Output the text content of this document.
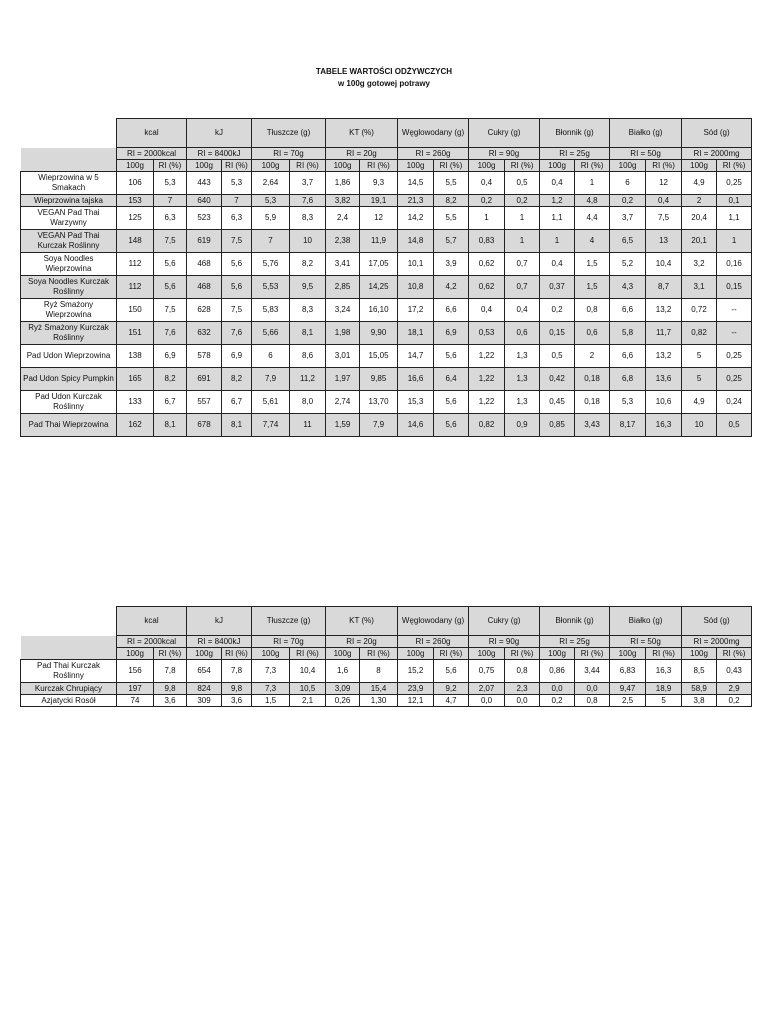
TABELE WARTOŚCI ODŻYWCZYCH
w 100g gotowej potrawy
	kcal		kJ		Tłuszcze (g)		KT (%)		Węglowodany (g)		Cukry (g)		Błonnik (g)		Białko (g)		Sód (g)	
	RI = 2000kcal		RI = 8400kJ		RI = 70g		RI = 20g		RI = 260g		RI = 90g		RI = 25g		RI = 50g		RI = 2000mg	
	100g	RI (%)	100g	RI (%)	100g	RI (%)	100g	RI (%)	100g	RI (%)	100g	RI (%)	100g	RI (%)	100g	RI (%)	100g	RI (%)
Wieprzowina w 5 Smakach	106	5,3	443	5,3	2,64	3,7	1,86	9,3	14,5	5,5	0,4	0,5	0,4	1	6	12	4,9	0,25
Wieprzowina tajska	153	7	640	7	5,3	7,6	3,82	19,1	21,3	8,2	0,2	0,2	1,2	4,8	0,2	0,4	2	0,1
VEGAN Pad Thai Warzywny	125	6,3	523	6,3	5,9	8,3	2,4	12	14,2	5,5	1	1	1,1	4,4	3,7	7,5	20,4	1,1
VEGAN Pad Thai Kurczak Roślinny	148	7,5	619	7,5	7	10	2,38	11,9	14,8	5,7	0,83	1	1	4	6,5	13	20,1	1
Soya Noodles Wieprzowina	112	5,6	468	5,6	5,76	8,2	3,41	17,05	10,1	3,9	0,62	0,7	0,4	1,5	5,2	10,4	3,2	0,16
Soya Noodles Kurczak Roślinny	112	5,6	468	5,6	5,53	9,5	2,85	14,25	10,8	4,2	0,62	0,7	0,37	1,5	4,3	8,7	3,1	0,15
Ryż Smażony Wieprzowina	150	7,5	628	7,5	5,83	8,3	3,24	16,10	17,2	6,6	0,4	0,4	0,2	0,8	6,6	13,2	0,72	--
Ryż Smażony Kurczak Roślinny	151	7,6	632	7,6	5,66	8,1	1,98	9,90	18,1	6,9	0,53	0,6	0,15	0,6	5,8	11,7	0,82	--
Pad Udon Wieprzowina	138	6,9	578	6,9	6	8,6	3,01	15,05	14,7	5,6	1,22	1,3	0,5	2	6,6	13,2	5	0,25
Pad Udon Spicy Pumpkin	165	8,2	691	8,2	7,9	11,2	1,97	9,85	16,6	6,4	1,22	1,3	0,42	0,18	6,8	13,6	5	0,25
Pad Udon Kurczak Roślinny	133	6,7	557	6,7	5,61	8,0	2,74	13,70	15,3	5,6	1,22	1,3	0,45	0,18	5,3	10,6	4,9	0,24
Pad Thai Wieprzowina	162	8,1	678	8,1	7,74	11	1,59	7,9	14,6	5,6	0,82	0,9	0,85	3,43	8,17	16,3	10	0,5
	kcal		kJ		Tłuszcze (g)		KT (%)		Węglowodany (g)		Cukry (g)		Błonnik (g)		Białko (g)		Sód (g)	
	RI = 2000kcal		RI = 8400kJ		RI = 70g		RI = 20g		RI = 260g		RI = 90g		RI = 25g		RI = 50g		RI = 2000mg	
	100g	RI (%)	100g	RI (%)	100g	RI (%)	100g	RI (%)	100g	RI (%)	100g	RI (%)	100g	RI (%)	100g	RI (%)	100g	RI (%)
Pad Thai Kurczak Roślinny	156	7,8	654	7,8	7,3	10,4	1,6	8	15,2	5,6	0,75	0,8	0,86	3,44	6,83	16,3	8,5	0,43
Kurczak Chrupiący	197	9,8	824	9,8	7,3	10,5	3,09	15,4	23,9	9,2	2,07	2,3	0,0	0,0	9,47	18,9	58,9	2,9
Azjatycki Rosół	74	3,6	309	3,6	1,5	2,1	0,26	1,30	12,1	4,7	0,0	0,0	0,2	0,8	2,5	5	3,8	0,2
